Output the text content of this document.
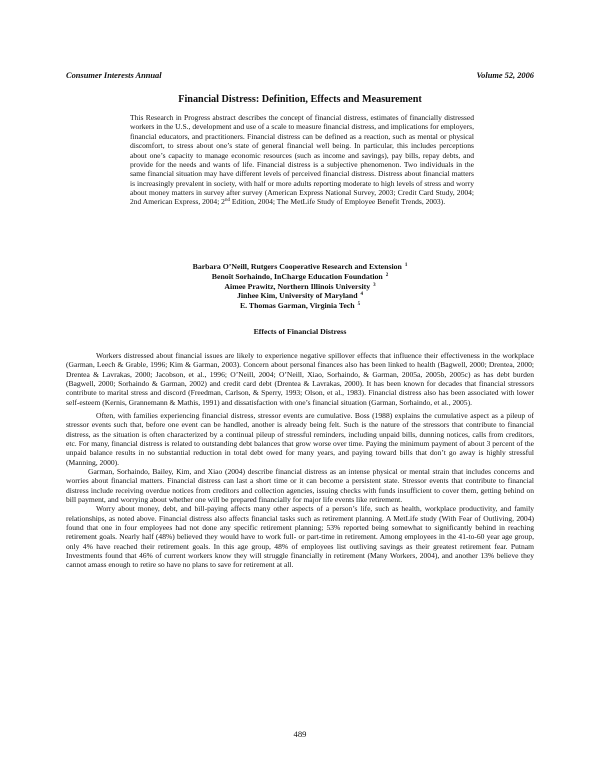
Consumer Interests Annual	Volume 52, 2006
Financial Distress: Definition, Effects and Measurement

This Research in Progress abstract describes the concept of financial distress, estimates of financially distressed workers in the U.S., development and use of a scale to measure financial distress, and implications for employers, financial educators, and practitioners. Financial distress can be defined as a reaction, such as mental or physical discomfort, to stress about one’s state of general financial well being. In particular, this includes perceptions about one’s capacity to manage economic resources (such as income and savings), pay bills, repay debts, and provide for the needs and wants of life. Financial distress is a subjective phenomenon. Two individuals in the same financial situation may have different levels of perceived financial distress. Distress about financial matters is increasingly prevalent in society, with half or more adults reporting moderate to high levels of stress and worry about money matters in survey after survey (American Express National Survey, 2003; Credit Card Study, 2004; 2nd American Express, 2004; 2nd Edition, 2004; The MetLife Study of Employee Benefit Trends, 2003).

Barbara O’Neill, Rutgers Cooperative Research and Extension $^1$
Benoît Sorhaindo, InCharge Education Foundation $^2$
Aimee Prawitz, Northern Illinois University $^3$
Jinhee Kim, University of Maryland $^4$
E. Thomas Garman, Virginia Tech $^5$
Effects of Financial Distress

Workers distressed about financial issues are likely to experience negative spillover effects that influence their effectiveness in the workplace (Garman, Leech & Grable, 1996; Kim & Garman, 2003). Concern about personal finances also has been linked to health (Bagwell, 2000; Drentea, 2000; Drentea & Lavrakas, 2000; Jacobson, et al., 1996; O’Neill, 2004; O’Neill, Xiao, Sorhaindo, & Garman, 2005a, 2005b, 2005c) as has debt burden (Bagwell, 2000; Sorhaindo & Garman, 2002) and credit card debt (Drentea & Lavrakas, 2000). It has been known for decades that financial stressors contribute to marital stress and discord (Freedman, Carlson, & Sperry, 1993; Olson, et al., 1983). Financial distress also has been associated with lower self-esteem (Kernis, Grannemann & Mathis, 1991) and dissatisfaction with one’s financial situation (Garman, Sorhaindo, et al., 2005).

Often, with families experiencing financial distress, stressor events are cumulative. Boss (1988) explains the cumulative aspect as a pileup of stressor events such that, before one event can be handled, another is already being felt. Such is the nature of the stressors that contribute to financial distress, as the situation is often characterized by a continual pileup of stressful reminders, including unpaid bills, dunning notices, calls from creditors, etc. For many, financial distress is related to outstanding debt balances that grow worse over time. Paying the minimum payment of about 3 percent of the unpaid balance results in no substantial reduction in total debt owed for many years, and paying toward bills that don’t go away is highly stressful (Manning, 2000).

Garman, Sorhaindo, Bailey, Kim, and Xiao (2004) describe financial distress as an intense physical or mental strain that includes concerns and worries about financial matters. Financial distress can last a short time or it can become a persistent state. Stressor events that contribute to financial distress include receiving overdue notices from creditors and collection agencies, issuing checks with funds insufficient to cover them, getting behind on bill payment, and worrying about whether one will be prepared financially for major life events like retirement.

Worry about money, debt, and bill-paying affects many other aspects of a person’s life, such as health, workplace productivity, and family relationships, as noted above. Financial distress also affects financial tasks such as retirement planning. A MetLife study (With Fear of Outliving, 2004) found that one in four employees had not done any specific retirement planning; 53% reported being somewhat to significantly behind in reaching retirement goals. Nearly half (48%) believed they would have to work full- or part-time in retirement. Among employees in the 41-to-60 year age group, only 4% have reached their retirement goals. In this age group, 48% of employees list outliving savings as their greatest retirement fear. Putnam Investments found that 46% of current workers know they will struggle financially in retirement (Many Workers, 2004), and another 13% believe they cannot amass enough to retire so have no plans to save for retirement at all.

489
